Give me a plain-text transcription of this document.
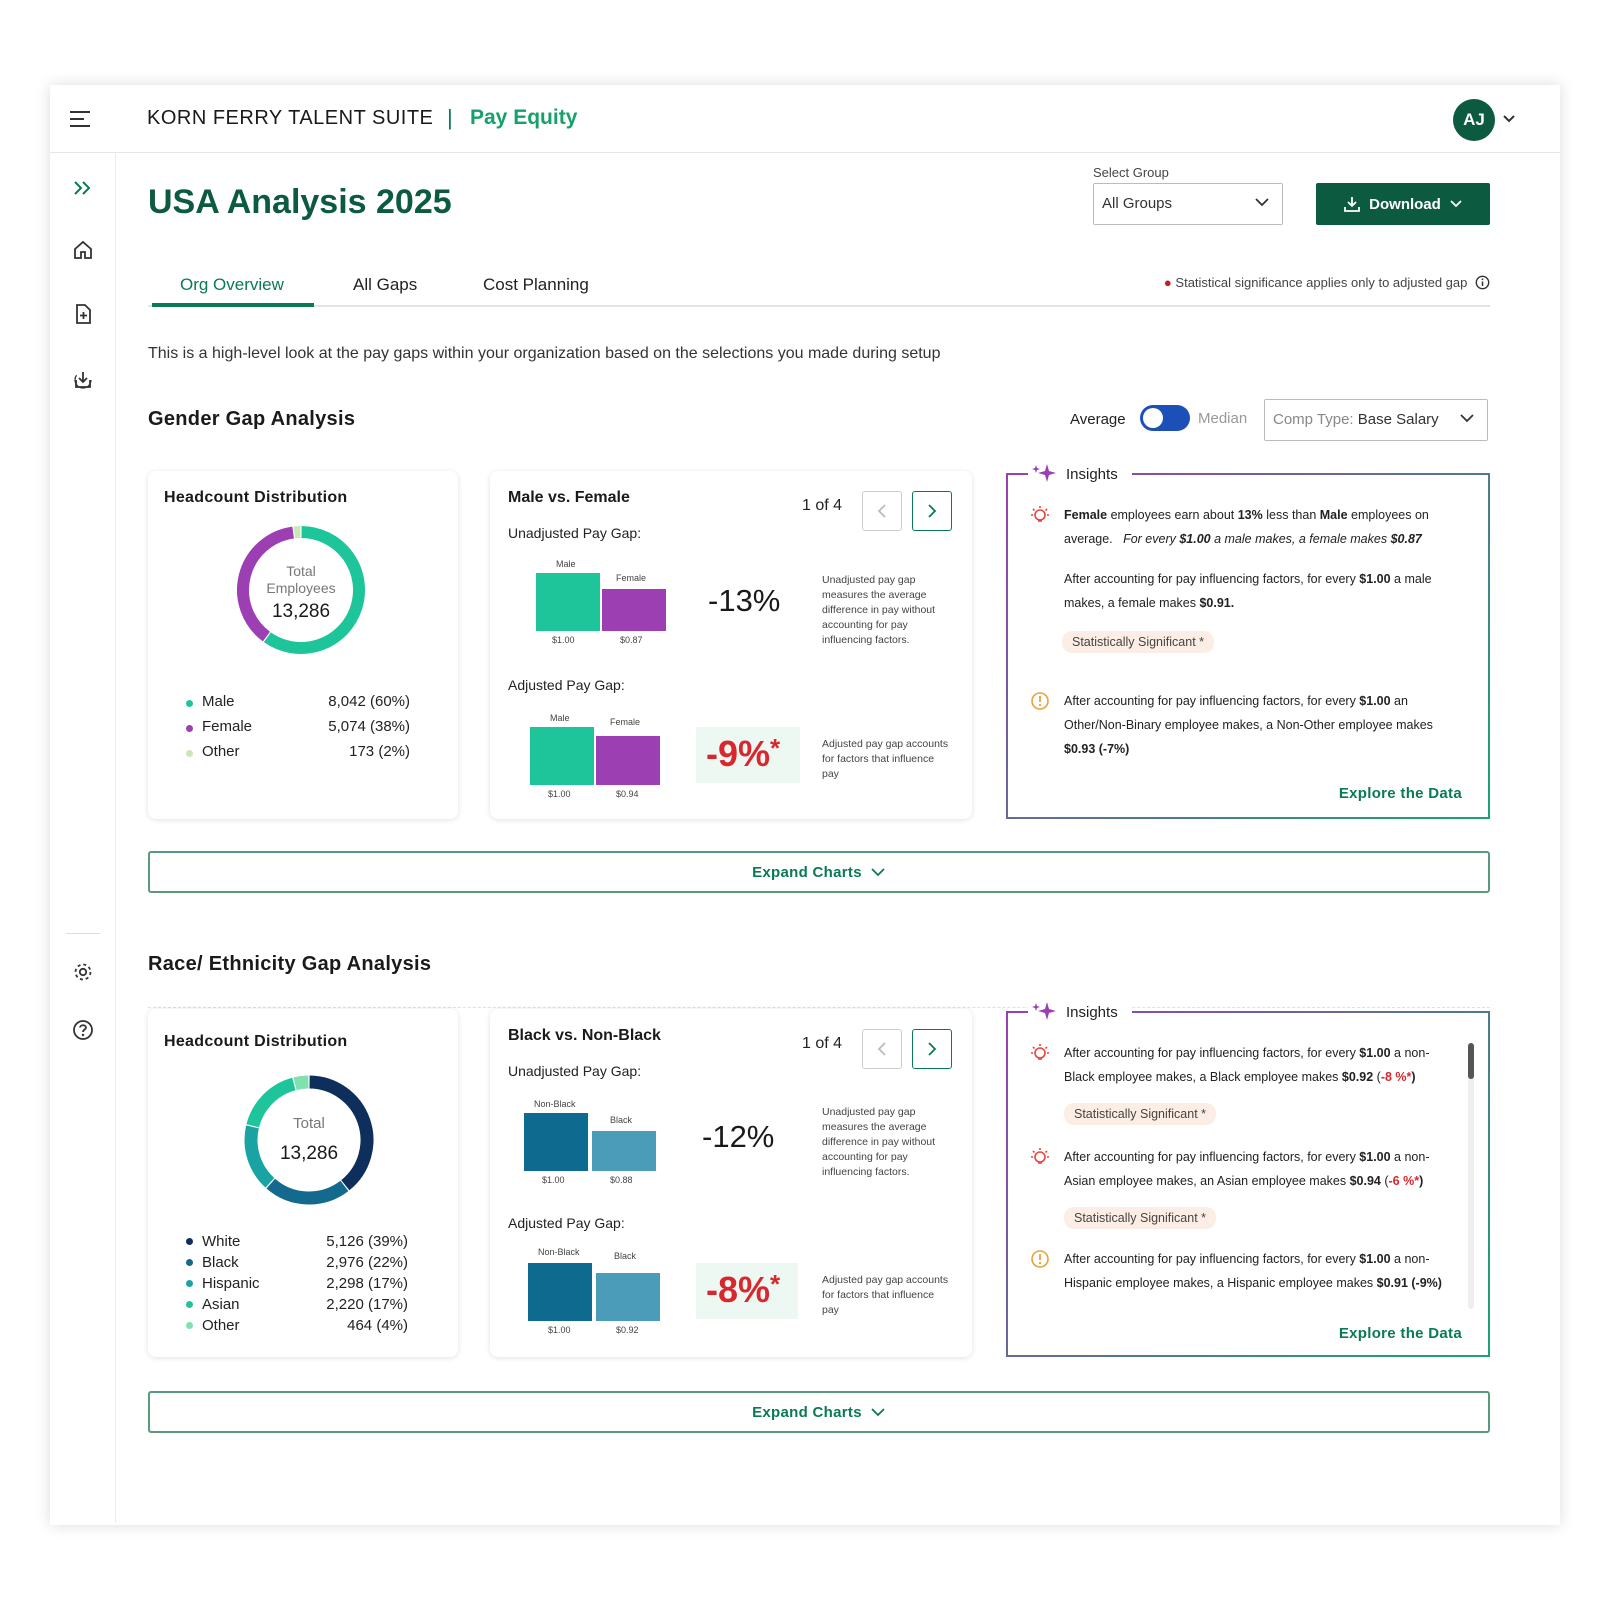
KORN FERRY TALENT SUITE | Pay Equity	AJ
USA Analysis 2025
Select Group
All Groups	Download
Org Overview	All Gaps	Cost Planning	● Statistical significance applies only to adjusted gap
This is a high-level look at the pay gaps within your organization based on the selections you made during setup
Gender Gap Analysis	Average	Median	Comp Type: Base Salary
Headcount Distribution
Total
Employees
13,286
Male	8,042 (60%)
Female	5,074 (38%)
Other	173 (2%)
Male vs. Female	1 of 4
Unadjusted Pay Gap:
Male
Female
$1.00	$0.87
-13%
Unadjusted pay gap measures the average difference in pay without accounting for pay influencing factors.
Adjusted Pay Gap:
Male	Female
$1.00	$0.94
-9%*	Adjusted pay gap accounts for factors that influence pay
Insights
Female employees earn about 13% less than Male employees on average. For every $1.00 a male makes, a female makes $0.87
After accounting for pay influencing factors, for every $1.00 a male makes, a female makes $0.91.
Statistically Significant *
After accounting for pay influencing factors, for every $1.00 an Other/Non-Binary employee makes, a Non-Other employee makes $0.93 (-7%)
Explore the Data
Expand Charts
Race/ Ethnicity Gap Analysis
Headcount Distribution
Total
13,286
White	5,126 (39%)
Black	2,976 (22%)
Hispanic	2,298 (17%)
Asian	2,220 (17%)
Other	464 (4%)
Black vs. Non-Black	1 of 4
Unadjusted Pay Gap:
Non-Black
Black
$1.00	$0.88
-12%
Unadjusted pay gap measures the average difference in pay without accounting for pay influencing factors.
Adjusted Pay Gap:
Non-Black	Black
$1.00	$0.92
-8%*	Adjusted pay gap accounts for factors that influence pay
Insights
After accounting for pay influencing factors, for every $1.00 a non-Black employee makes, a Black employee makes $0.92 (-8 %*)
Statistically Significant *
After accounting for pay influencing factors, for every $1.00 a non-Asian employee makes, an Asian employee makes $0.94 (-6 %*)
Statistically Significant *
After accounting for pay influencing factors, for every $1.00 a non-Hispanic employee makes, a Hispanic employee makes $0.91 (-9%)
Explore the Data
Expand Charts
